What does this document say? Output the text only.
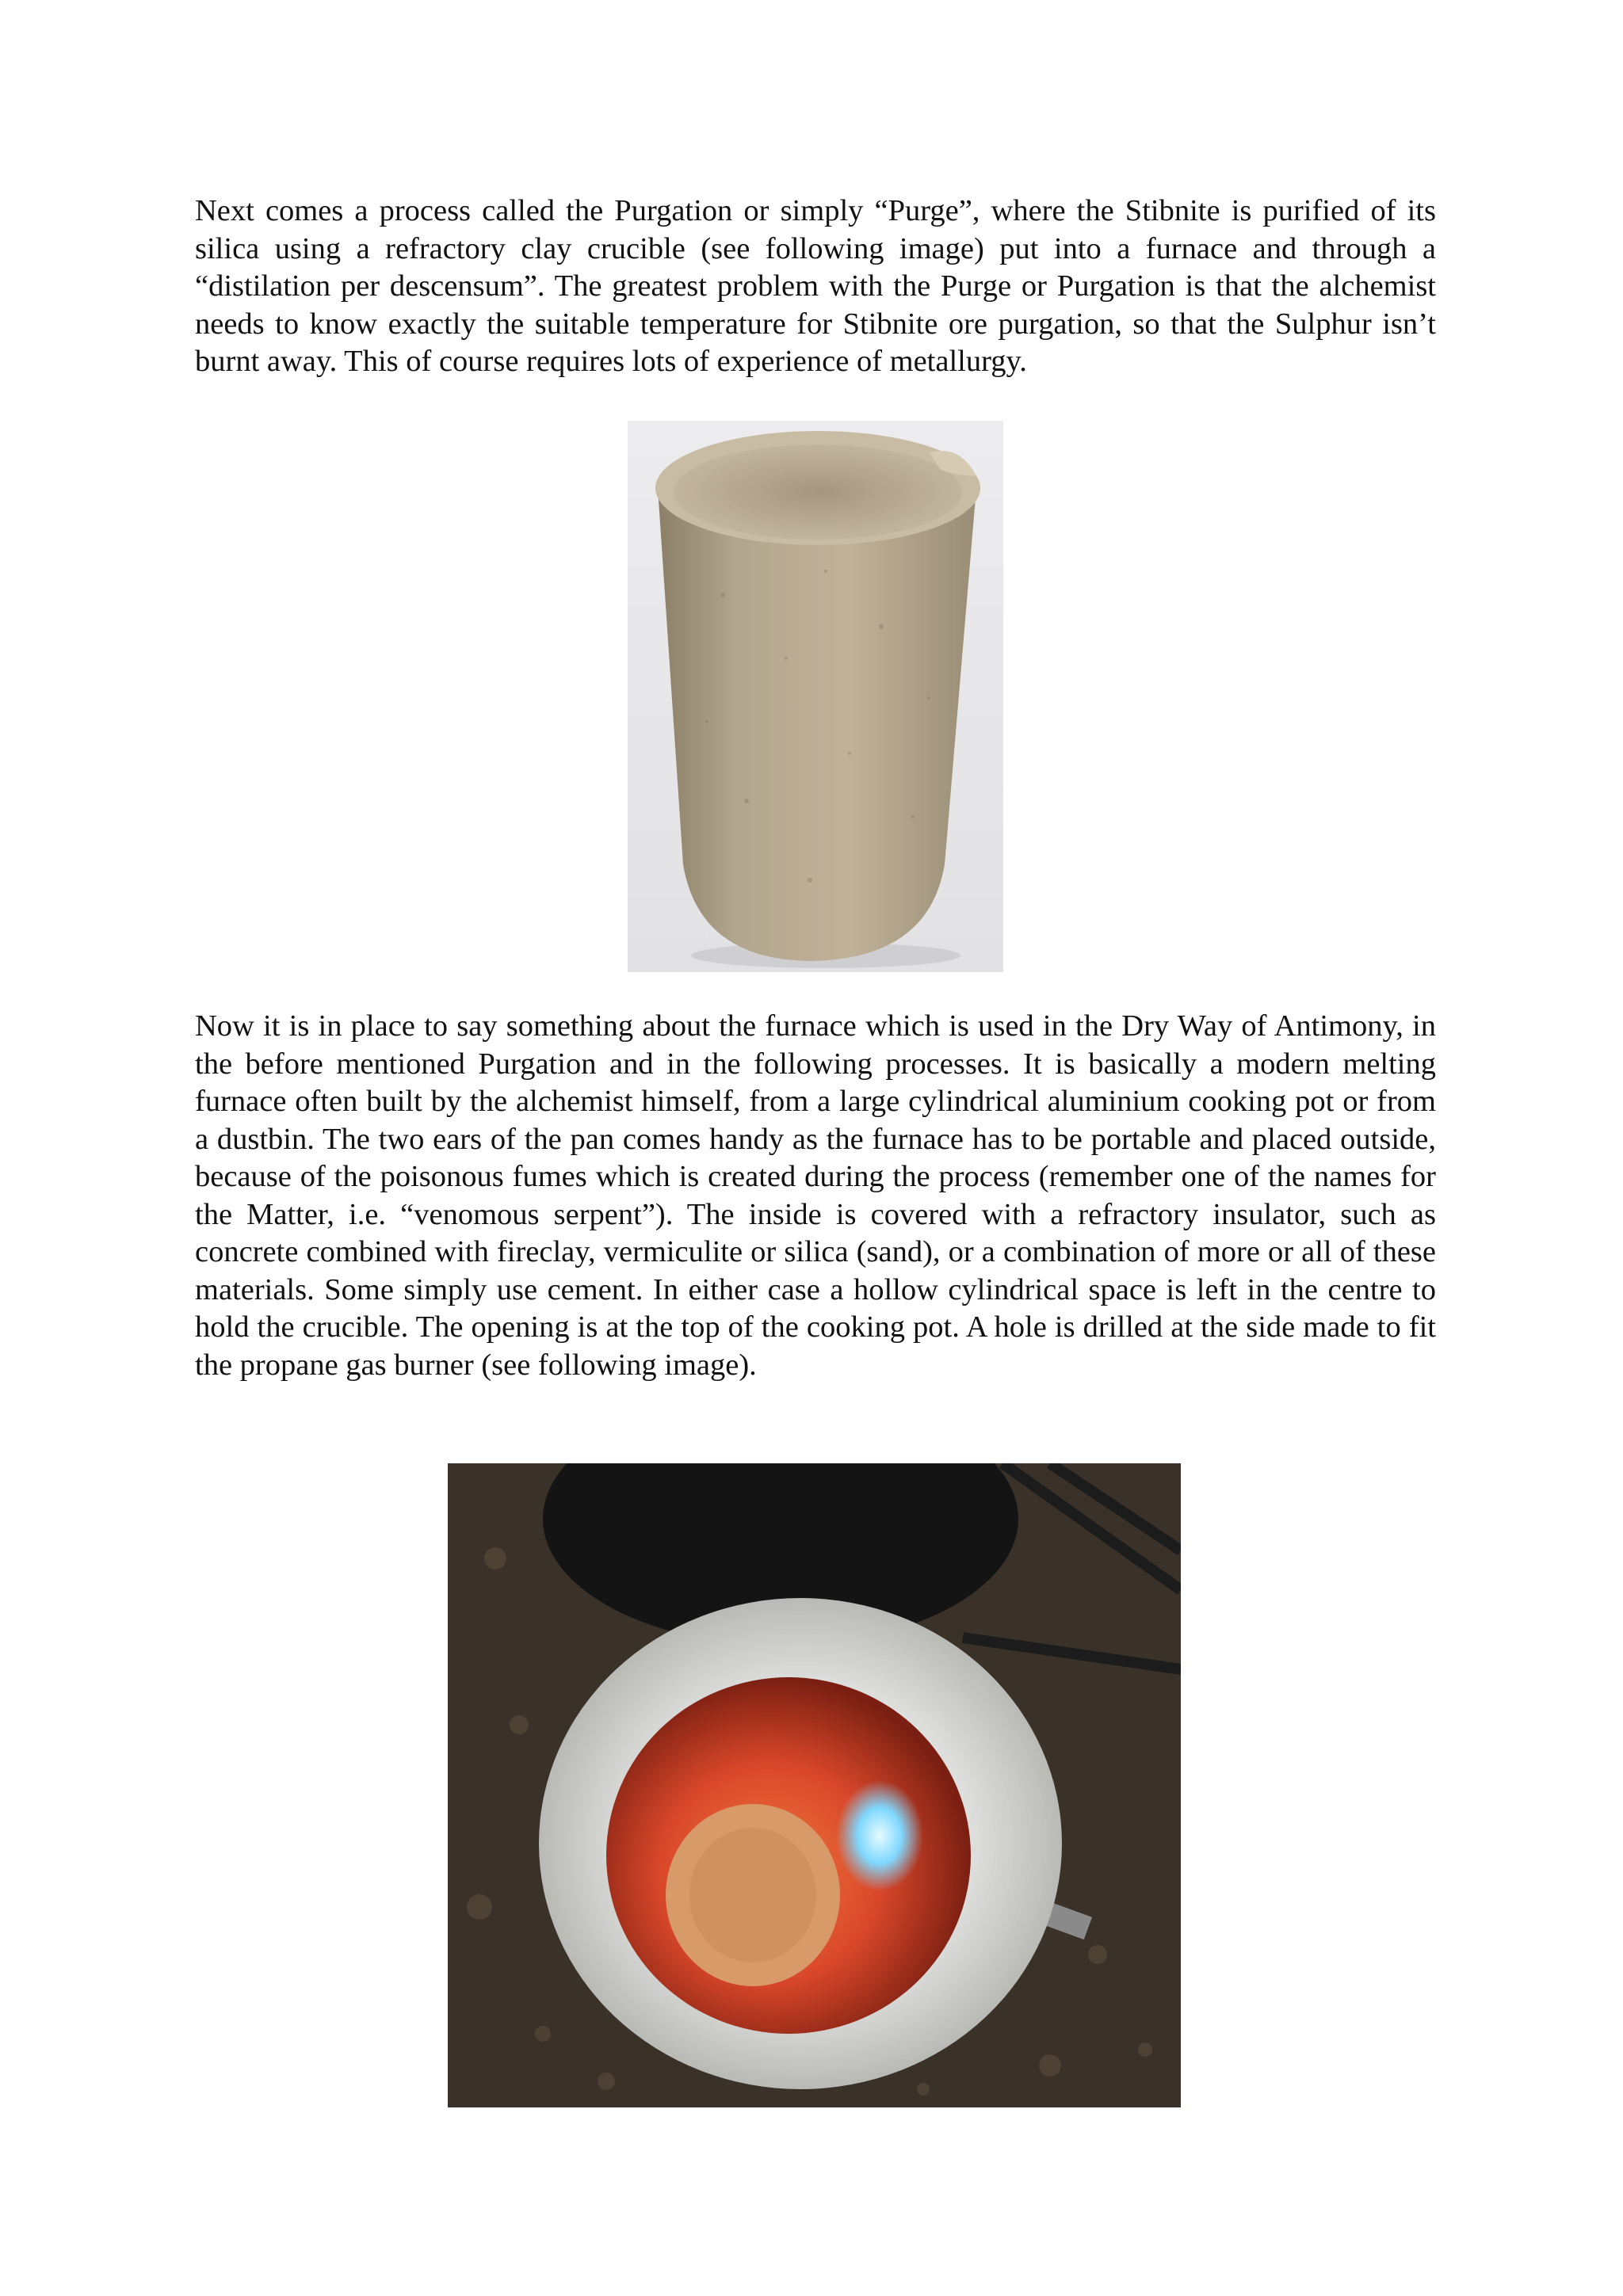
Next comes a process called the Purgation or simply “Purge”, where the Stibnite is purified of its silica using a refractory clay crucible (see following image) put into a furnace and through a “distilation per descensum”. The greatest problem with the Purge or Purgation is that the alchemist needs to know exactly the suitable temperature for Stibnite ore purgation, so that the Sulphur isn’t burnt away. This of course requires lots of experience of metallurgy.

Now it is in place to say something about the furnace which is used in the Dry Way of Antimony, in the before mentioned Purgation and in the following processes. It is basically a modern melting furnace often built by the alchemist himself, from a large cylindrical aluminium cooking pot or from a dustbin. The two ears of the pan comes handy as the furnace has to be portable and placed outside, because of the poisonous fumes which is created during the process (remember one of the names for the Matter, i.e. “venomous serpent”). The inside is covered with a refractory insulator, such as concrete combined with fireclay, vermiculite or silica (sand), or a combination of more or all of these materials. Some simply use cement. In either case a hollow cylindrical space is left in the centre to hold the crucible. The opening is at the top of the cooking pot. A hole is drilled at the side made to fit the propane gas burner (see following image).
